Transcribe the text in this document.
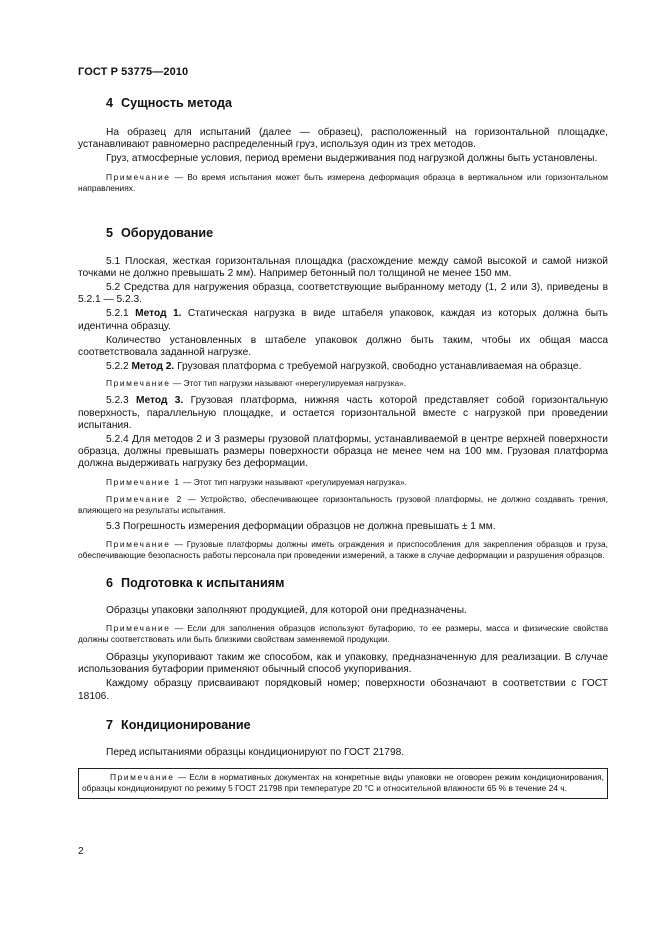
ГОСТ Р 53775—2010
4 Сущность метода

На образец для испытаний (далее — образец), расположенный на горизонтальной площадке, устанавливают равномерно распределенный груз, используя один из трех методов.

Груз, атмосферные условия, период времени выдерживания под нагрузкой должны быть установлены.

Примечание — Во время испытания может быть измерена деформация образца в вертикальном или горизонтальном направлениях.

5 Оборудование

5.1 Плоская, жесткая горизонтальная площадка (расхождение между самой высокой и самой низкой точками не должно превышать 2 мм). Например бетонный пол толщиной не менее 150 мм.

5.2 Средства для нагружения образца, соответствующие выбранному методу (1, 2 или 3), приведены в 5.2.1 — 5.2.3.

5.2.1 Метод 1. Статическая нагрузка в виде штабеля упаковок, каждая из которых должна быть идентична образцу.

Количество установленных в штабеле упаковок должно быть таким, чтобы их общая масса соответствовала заданной нагрузке.

5.2.2 Метод 2. Грузовая платформа с требуемой нагрузкой, свободно устанавливаемая на образце.

Примечание — Этот тип нагрузки называют «нерегулируемая нагрузка».

5.2.3 Метод 3. Грузовая платформа, нижняя часть которой представляет собой горизонтальную поверхность, параллельную площадке, и остается горизонтальной вместе с нагрузкой при проведении испытания.

5.2.4 Для методов 2 и 3 размеры грузовой платформы, устанавливаемой в центре верхней поверхности образца, должны превышать размеры поверхности образца не менее чем на 100 мм. Грузовая платформа должна выдерживать нагрузку без деформации.

Примечание 1 — Этот тип нагрузки называют «регулируемая нагрузка».

Примечание 2 — Устройство, обеспечивающее горизонтальность грузовой платформы, не должно создавать трения, влияющего на результаты испытания.

5.3 Погрешность измерения деформации образцов не должна превышать ± 1 мм.

Примечание — Грузовые платформы должны иметь ограждения и приспособления для закрепления образцов и груза, обеспечивающие безопасность работы персонала при проведении измерений, а также в случае деформации и разрушения образцов.

6 Подготовка к испытаниям

Образцы упаковки заполняют продукцией, для которой они предназначены.

Примечание — Если для заполнения образцов используют бутафорию, то ее размеры, масса и физические свойства должны соответствовать или быть близкими свойствам заменяемой продукции.

Образцы укупоривают таким же способом, как и упаковку, предназначенную для реализации. В случае использования бутафории применяют обычный способ укупоривания.

Каждому образцу присваивают порядковый номер; поверхности обозначают в соответствии с ГОСТ 18106.

7 Кондиционирование

Перед испытаниями образцы кондиционируют по ГОСТ 21798.

Примечание — Если в нормативных документах на конкретные виды упаковки не оговорен режим кондиционирования, образцы кондиционируют по режиму 5 ГОСТ 21798 при температуре 20 °С и относительной влажности 65 % в течение 24 ч.

2
